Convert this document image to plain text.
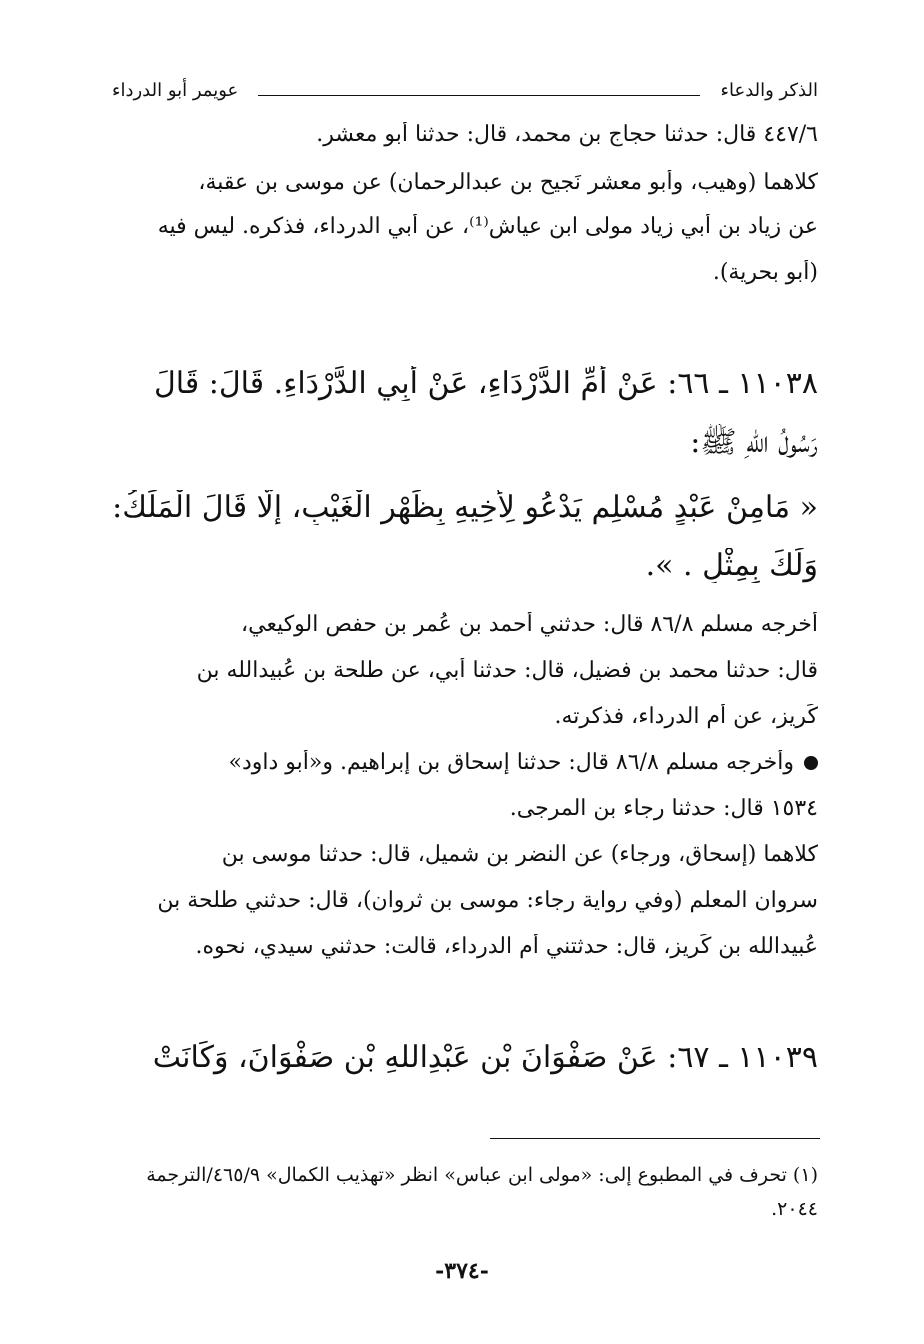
الذكر والدعاء
عويمر أبو الدرداء
٤٤٧/٦ قال: حدثنا حجاج بن محمد، قال: حدثنا أبو معشر.
كلاهما (وهيب، وأبو معشر نَجيح بن عبدالرحمان) عن موسى بن عقبة،
عن زياد بن أبي زياد مولى ابن عياش⁽¹⁾، عن أبي الدرداء، فذكره. ليس فيه
(أبو بحرية).
١١٠٣٨ ـ ٦٦: عَنْ أُمِّ الدَّرْدَاءِ، عَنْ أَبِي الدَّرْدَاءِ. قَالَ: قَالَ
رَسُولُ اللهِ ﷺ:
« مَامِنْ عَبْدٍ مُسْلِمٍ يَدْعُو لِأَخِيهِ بِظَهْرِ الْغَيْبِ، إِلَّا قَالَ الْمَلَكُ:
وَلَكَ بِمِثْلٍ . ».
أخرجه مسلم ٨٦/٨ قال: حدثني أحمد بن عُمر بن حفص الوكيعي،
قال: حدثنا محمد بن فضيل، قال: حدثنا أبي، عن طلحة بن عُبيدالله بن
كَريز، عن أم الدرداء، فذكرته.
وأخرجه مسلم ٨٦/٨ قال: حدثنا إسحاق بن إبراهيم. و«أبو داود»
١٥٣٤ قال: حدثنا رجاء بن المرجى.
كلاهما (إسحاق، ورجاء) عن النضر بن شميل، قال: حدثنا موسى بن
سروان المعلم (وفي رواية رجاء: موسى بن ثروان)، قال: حدثني طلحة بن
عُبيدالله بن كَريز، قال: حدثتني أم الدرداء، قالت: حدثني سيدي، نحوه.
١١٠٣٩ ـ ٦٧: عَنْ صَفْوَانَ بْنِ عَبْدِاللهِ بْنِ صَفْوَانَ، وَكَانَتْ
(١) تحرف في المطبوع إلى: «مولى ابن عباس» انظر «تهذيب الكمال» ٤٦٥/٩/الترجمة
٢٠٤٤.
-٣٧٤-
